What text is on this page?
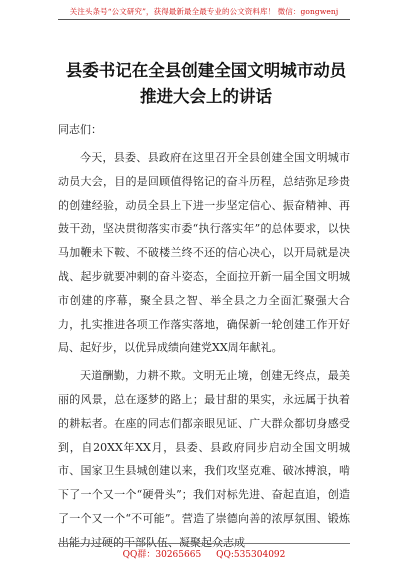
关注头条号“公文研究”，获得最新最全最专业的公文资料库！ 微信：gongwenj
县委书记在全县创建全国文明城市动员推进大会上的讲话
同志们：

今天，县委、县政府在这里召开全县创建全国文明城市动员大会，目的是回顾值得铭记的奋斗历程，总结弥足珍贵的创建经验，动员全县上下进一步坚定信心、振奋精神、再鼓干劲，坚决贯彻落实市委“执行落实年”的总体要求，以快马加鞭未下鞍、不破楼兰终不还的信心决心，以开局就是决战、起步就要冲刺的奋斗姿态，全面拉开新一届全国文明城市创建的序幕，聚全县之智、举全县之力全面汇聚强大合力，扎实推进各项工作落实落地，确保新一轮创建工作开好局、起好步，以优异成绩向建党XX周年献礼。

天道酬勤，力耕不欺。文明无止境，创建无终点，最美丽的风景，总在逐梦的路上；最甘甜的果实，永远属于执着的耕耘者。在座的同志们都亲眼见证、广大群众都切身感受到，自20XX年XX月，县委、县政府同步启动全国文明城市、国家卫生县城创建以来，我们攻坚克难、破冰搏浪，啃下了一个又一个“硬骨头”；我们对标先进、奋起直追，创造了一个又一个“不可能”。营造了崇德向善的浓厚氛围、锻炼出能力过硬的干部队伍、凝聚起众志成

QQ群：30265665 QQ:535304092
